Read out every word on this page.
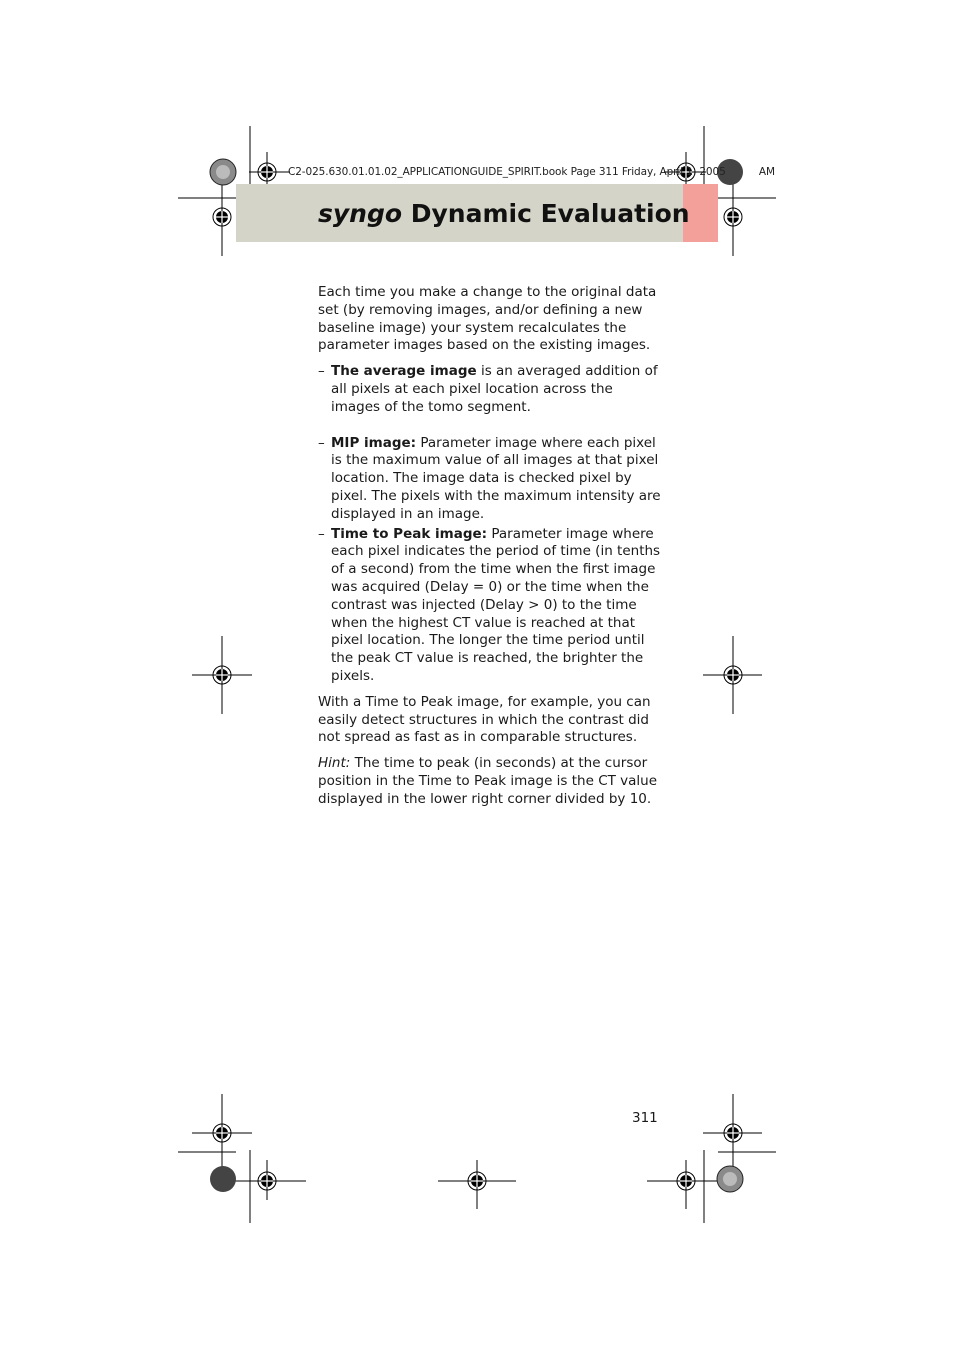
C2-025.630.01.01.02_APPLICATIONGUIDE_SPIRIT.book Page 311 Friday, April 1, 2005	AM
syngo Dynamic Evaluation

Each time you make a change to the original data set (by removing images, and/or defining a new baseline image) your system recalculates the parameter images based on the existing images.

– The average image is an averaged addition of all pixels at each pixel location across the images of the tomo segment.
– MIP image: Parameter image where each pixel is the maximum value of all images at that pixel location. The image data is checked pixel by pixel. The pixels with the maximum intensity are displayed in an image.
– Time to Peak image: Parameter image where each pixel indicates the period of time (in tenths of a second) from the time when the first image was acquired (Delay = 0) or the time when the contrast was injected (Delay > 0) to the time when the highest CT value is reached at that pixel location. The longer the time period until the peak CT value is reached, the brighter the pixels.

With a Time to Peak image, for example, you can easily detect structures in which the contrast did not spread as fast as in comparable structures.

Hint: The time to peak (in seconds) at the cursor position in the Time to Peak image is the CT value displayed in the lower right corner divided by 10.

311
